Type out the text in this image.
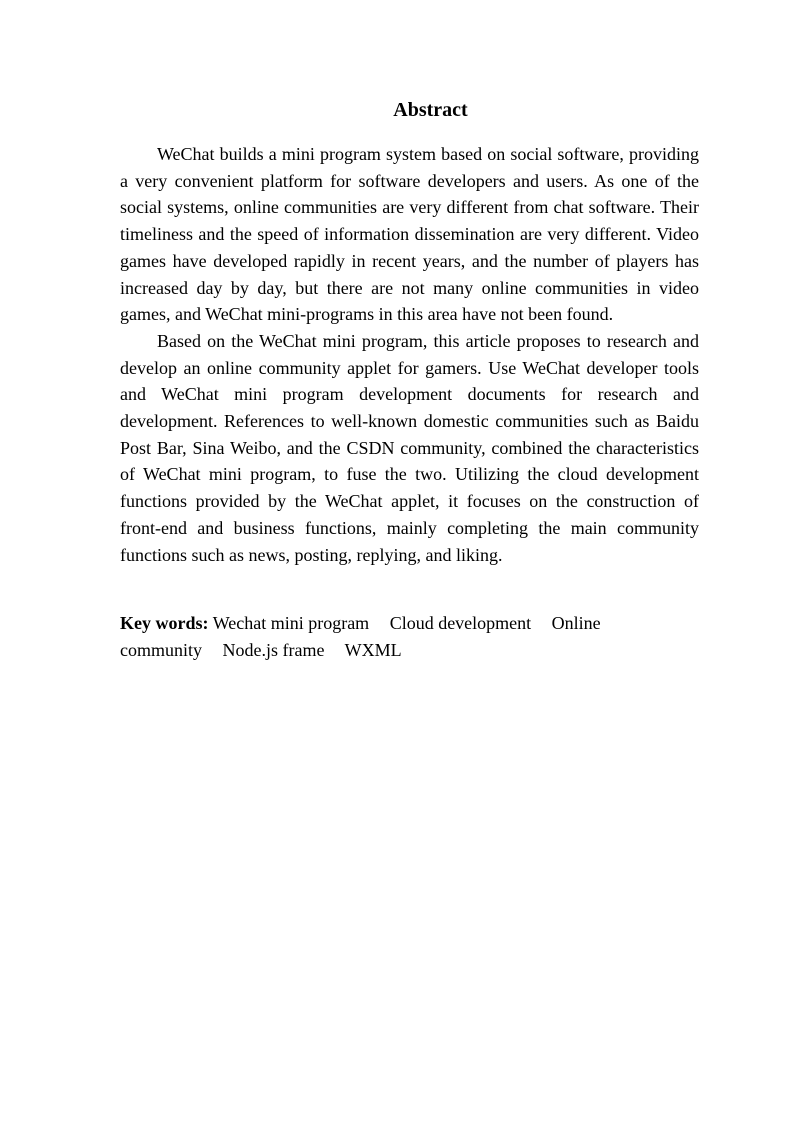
Abstract

WeChat builds a mini program system based on social software, providing a very convenient platform for software developers and users. As one of the social systems, online communities are very different from chat software. Their timeliness and the speed of information dissemination are very different. Video games have developed rapidly in recent years, and the number of players has increased day by day, but there are not many online communities in video games, and WeChat mini-programs in this area have not been found.

Based on the WeChat mini program, this article proposes to research and develop an online community applet for gamers. Use WeChat developer tools and WeChat mini program development documents for research and development. References to well-known domestic communities such as Baidu Post Bar, Sina Weibo, and the CSDN community, combined the characteristics of WeChat mini program, to fuse the two. Utilizing the cloud development functions provided by the WeChat applet, it focuses on the construction of front-end and business functions, mainly completing the main community functions such as news, posting, replying, and liking.

Key words: Wechat mini program Cloud development Online community Node.js frame WXML
